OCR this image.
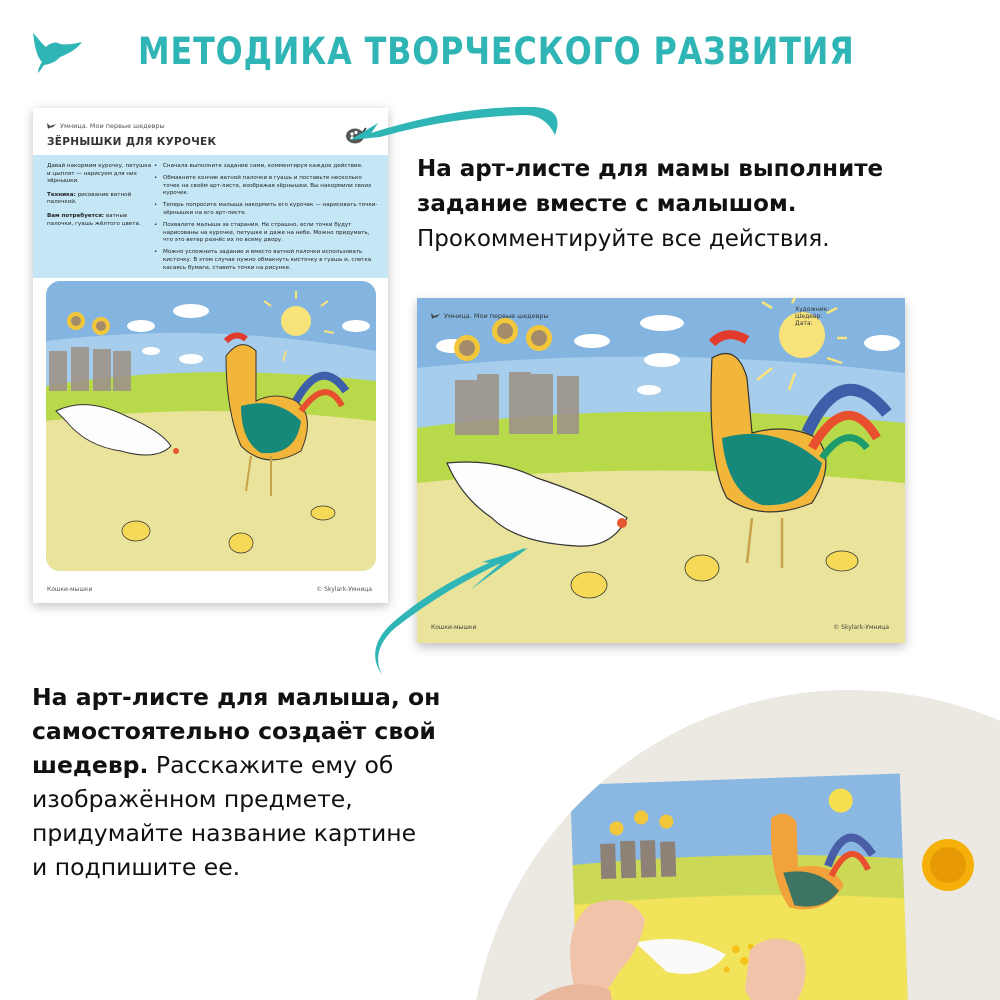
МЕТОДИКА ТВОРЧЕСКОГО РАЗВИТИЯ
Умница. Мои первые шедевры
ЗЁРНЫШКИ ДЛЯ КУРОЧЕК

Давай накормим курочку, петушка и цыплят — нарисуем для них зёрнышки.

Техника: рисование ватной палочкой.

Вам потребуется: ватные палочки, гуашь жёлтого цвета.

• Сначала выполните задание сами, комментируя каждое действие.
• Обмакните кончик ватной палочки в гуашь и поставьте несколько точек на своём арт-листе, изображая зёрнышки. Вы накормили своих курочек.
• Теперь попросите малыша накормить его курочек — нарисовать точки-зёрнышки на его арт-листе.
• Похвалите малыша за старания. Не страшно, если точки будут нарисованы на курочке, петушке и даже на небе. Можно придумать, что это ветер разнёс их по всему двору.
• Можно усложнить задание и вместо ватной палочки использовать кисточку. В этом случае нужно обмакнуть кисточку в гуашь и, слегка касаясь бумаги, ставить точки на рисунке.
Кошки-мышки	© Skylark-Умница
На арт-листе для мамы выполните задание вместе с малышом.
Прокомментируйте все действия.
Умница. Мои первые шедевры
Художник:
Шедевр:
Дата:
Кошки-мышки	© Skylark-Умница
На арт-листе для малыша, он самостоятельно создаёт свой шедевр. Расскажите ему об изображённом предмете, придумайте название картине
и подпишите ее.
